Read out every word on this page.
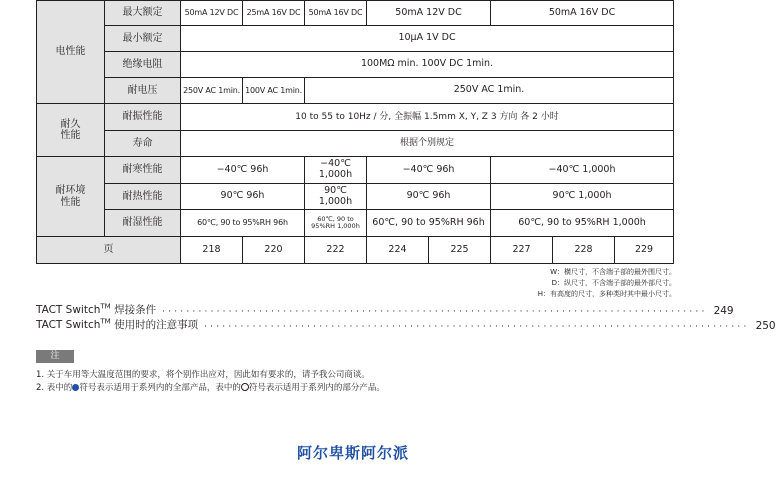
电性能	最大额定	50mA 12V DC	25mA 16V DC	50mA 16V DC	50mA 12V DC		50mA 16V DC		
	最小额定	10μA 1V DC							
	绝缘电阻	100MΩ min. 100V DC 1min.							
	耐电压	250V AC 1min.	100V AC 1min.	250V AC 1min.					
耐久
性能	耐振性能	10 to 55 to 10Hz / 分, 全振幅 1.5mm X, Y, Z 3 方向 各 2 小时							
	寿命	根据个别规定							
耐环境
性能	耐寒性能	−40℃ 96h		−40℃ 1,000h	−40℃ 96h		−40℃ 1,000h		
	耐热性能	90℃ 96h		90℃ 1,000h	90℃ 96h		90℃ 1,000h		
	耐湿性能	60℃, 90 to 95%RH 96h		60℃, 90 to 95%RH 1,000h	60℃, 90 to 95%RH 96h		60℃, 90 to 95%RH 1,000h		
页		218	220	222	224	225	227	228	229
W：横尺寸，不含端子部的最外围尺寸。
D：纵尺寸，不含端子部的最外部尺寸。
H：有高度的尺寸，多种类时其中最小尺寸。
TACT Switch™ 焊接条件 ·························································································· 249
TACT Switch™ 使用时的注意事项 ·························································································· 250
注
1. 关于车用等大温度范围的要求，将个别作出应对，因此如有要求的，请予我公司商谈。
2. 表中的 符号表示适用于系列内的全部产品，表中的 符号表示适用于系列内的部分产品。
阿尔卑斯阿尔派
